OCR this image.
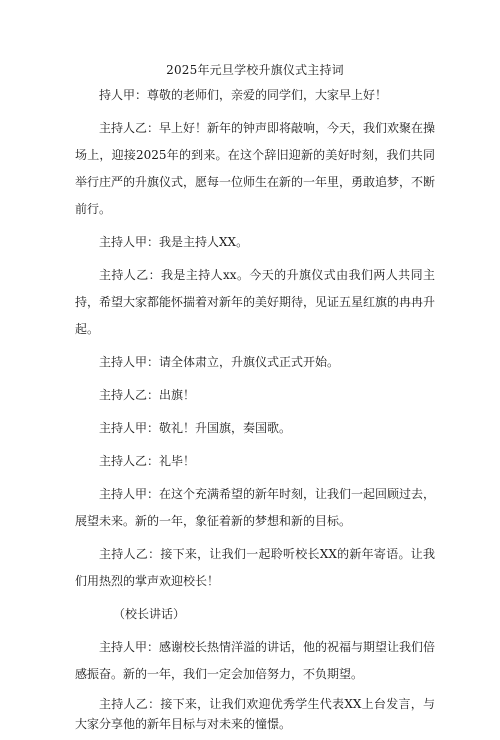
2025年元旦学校升旗仪式主持词

持人甲：尊敬的老师们，亲爱的同学们，大家早上好！

主持人乙：早上好！新年的钟声即将敲响，今天，我们欢聚在操场上，迎接2025年的到来。在这个辞旧迎新的美好时刻，我们共同举行庄严的升旗仪式，愿每一位师生在新的一年里，勇敢追梦，不断前行。

主持人甲：我是主持人XX。

主持人乙：我是主持人xx。今天的升旗仪式由我们两人共同主持，希望大家都能怀揣着对新年的美好期待，见证五星红旗的冉冉升起。

主持人甲：请全体肃立，升旗仪式正式开始。

主持人乙：出旗！

主持人甲：敬礼！升国旗，奏国歌。

主持人乙：礼毕！

主持人甲：在这个充满希望的新年时刻，让我们一起回顾过去，展望未来。新的一年，象征着新的梦想和新的目标。

主持人乙：接下来，让我们一起聆听校长XX的新年寄语。让我们用热烈的掌声欢迎校长！

（校长讲话）

主持人甲：感谢校长热情洋溢的讲话，他的祝福与期望让我们倍感振奋。新的一年，我们一定会加倍努力，不负期望。

主持人乙：接下来，让我们欢迎优秀学生代表XX上台发言，与大家分享他的新年目标与对未来的憧憬。
